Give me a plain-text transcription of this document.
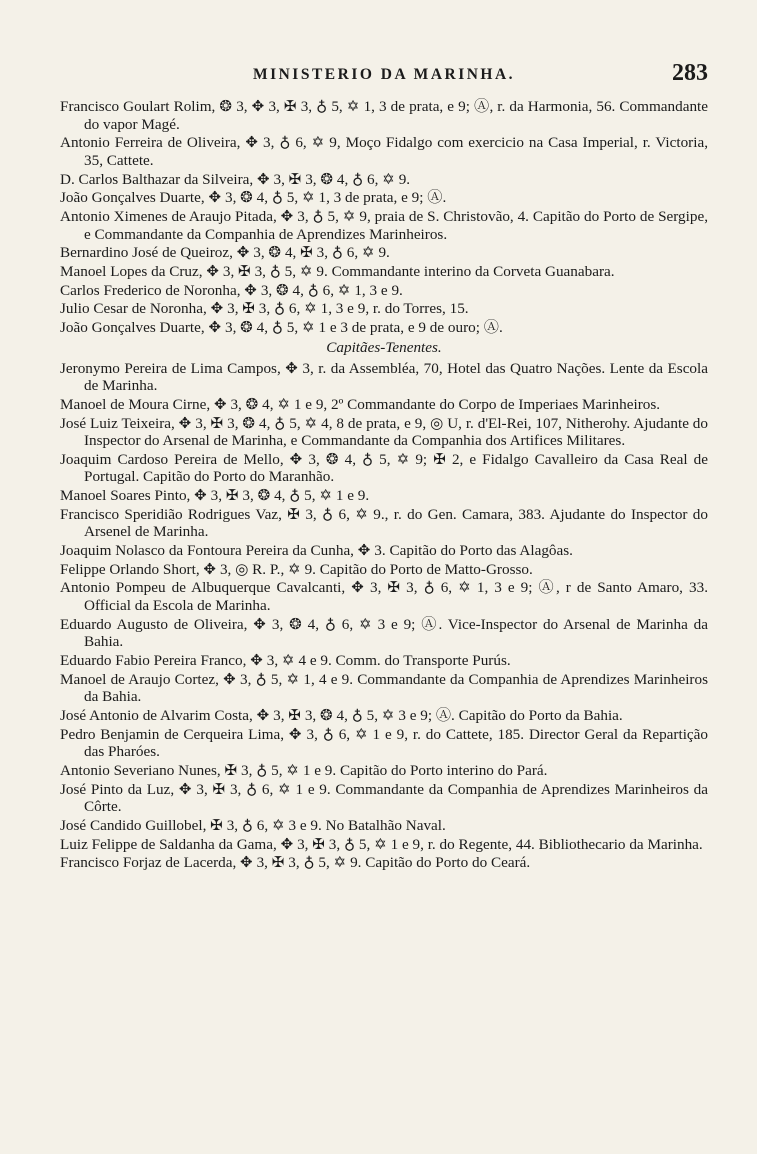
MINISTERIO DA MARINHA.	283

Francisco Goulart Rolim, ❂ 3, ✥ 3, ✠ 3, ♁ 5, ✡ 1, 3 de prata, e 9; Ⓐ, r. da Harmonia, 56. Commandante do vapor Magé.

Antonio Ferreira de Oliveira, ✥ 3, ♁ 6, ✡ 9, Moço Fidalgo com exercicio na Casa Imperial, r. Victoria, 35, Cattete.

D. Carlos Balthazar da Silveira, ✥ 3, ✠ 3, ❂ 4, ♁ 6, ✡ 9.

João Gonçalves Duarte, ✥ 3, ❂ 4, ♁ 5, ✡ 1, 3 de prata, e 9; Ⓐ.

Antonio Ximenes de Araujo Pitada, ✥ 3, ♁ 5, ✡ 9, praia de S. Christovão, 4. Capitão do Porto de Sergipe, e Commandante da Companhia de Aprendizes Marinheiros.

Bernardino José de Queiroz, ✥ 3, ❂ 4, ✠ 3, ♁ 6, ✡ 9.

Manoel Lopes da Cruz, ✥ 3, ✠ 3, ♁ 5, ✡ 9. Commandante interino da Corveta Guanabara.

Carlos Frederico de Noronha, ✥ 3, ❂ 4, ♁ 6, ✡ 1, 3 e 9.

Julio Cesar de Noronha, ✥ 3, ✠ 3, ♁ 6, ✡ 1, 3 e 9, r. do Torres, 15.

João Gonçalves Duarte, ✥ 3, ❂ 4, ♁ 5, ✡ 1 e 3 de prata, e 9 de ouro; Ⓐ.

Capitães-Tenentes.

Jeronymo Pereira de Lima Campos, ✥ 3, r. da Assembléa, 70, Hotel das Quatro Nações. Lente da Escola de Marinha.

Manoel de Moura Cirne, ✥ 3, ❂ 4, ✡ 1 e 9, 2º Commandante do Corpo de Imperiaes Marinheiros.

José Luiz Teixeira, ✥ 3, ✠ 3, ❂ 4, ♁ 5, ✡ 4, 8 de prata, e 9, ◎ U, r. d'El-Rei, 107, Nitherohy. Ajudante do Inspector do Arsenal de Marinha, e Commandante da Companhia dos Artifices Militares.

Joaquim Cardoso Pereira de Mello, ✥ 3, ❂ 4, ♁ 5, ✡ 9; ✠ 2, e Fidalgo Cavalleiro da Casa Real de Portugal. Capitão do Porto do Maranhão.

Manoel Soares Pinto, ✥ 3, ✠ 3, ❂ 4, ♁ 5, ✡ 1 e 9.

Francisco Speridião Rodrigues Vaz, ✠ 3, ♁ 6, ✡ 9., r. do Gen. Camara, 383. Ajudante do Inspector do Arsenel de Marinha.

Joaquim Nolasco da Fontoura Pereira da Cunha, ✥ 3. Capitão do Porto das Alagôas.

Felippe Orlando Short, ✥ 3, ◎ R. P., ✡ 9. Capitão do Porto de Matto-Grosso.

Antonio Pompeu de Albuquerque Cavalcanti, ✥ 3, ✠ 3, ♁ 6, ✡ 1, 3 e 9; Ⓐ, r de Santo Amaro, 33. Official da Escola de Marinha.

Eduardo Augusto de Oliveira, ✥ 3, ❂ 4, ♁ 6, ✡ 3 e 9; Ⓐ. Vice-Inspector do Arsenal de Marinha da Bahia.

Eduardo Fabio Pereira Franco, ✥ 3, ✡ 4 e 9. Comm. do Transporte Purús.

Manoel de Araujo Cortez, ✥ 3, ♁ 5, ✡ 1, 4 e 9. Commandante da Companhia de Aprendizes Marinheiros da Bahia.

José Antonio de Alvarim Costa, ✥ 3, ✠ 3, ❂ 4, ♁ 5, ✡ 3 e 9; Ⓐ. Capitão do Porto da Bahia.

Pedro Benjamin de Cerqueira Lima, ✥ 3, ♁ 6, ✡ 1 e 9, r. do Cattete, 185. Director Geral da Repartição das Pharóes.

Antonio Severiano Nunes, ✠ 3, ♁ 5, ✡ 1 e 9. Capitão do Porto interino do Pará.

José Pinto da Luz, ✥ 3, ✠ 3, ♁ 6, ✡ 1 e 9. Commandante da Companhia de Aprendizes Marinheiros da Côrte.

José Candido Guillobel, ✠ 3, ♁ 6, ✡ 3 e 9. No Batalhão Naval.

Luiz Felippe de Saldanha da Gama, ✥ 3, ✠ 3, ♁ 5, ✡ 1 e 9, r. do Regente, 44. Bibliothecario da Marinha.

Francisco Forjaz de Lacerda, ✥ 3, ✠ 3, ♁ 5, ✡ 9. Capitão do Porto do Ceará.
